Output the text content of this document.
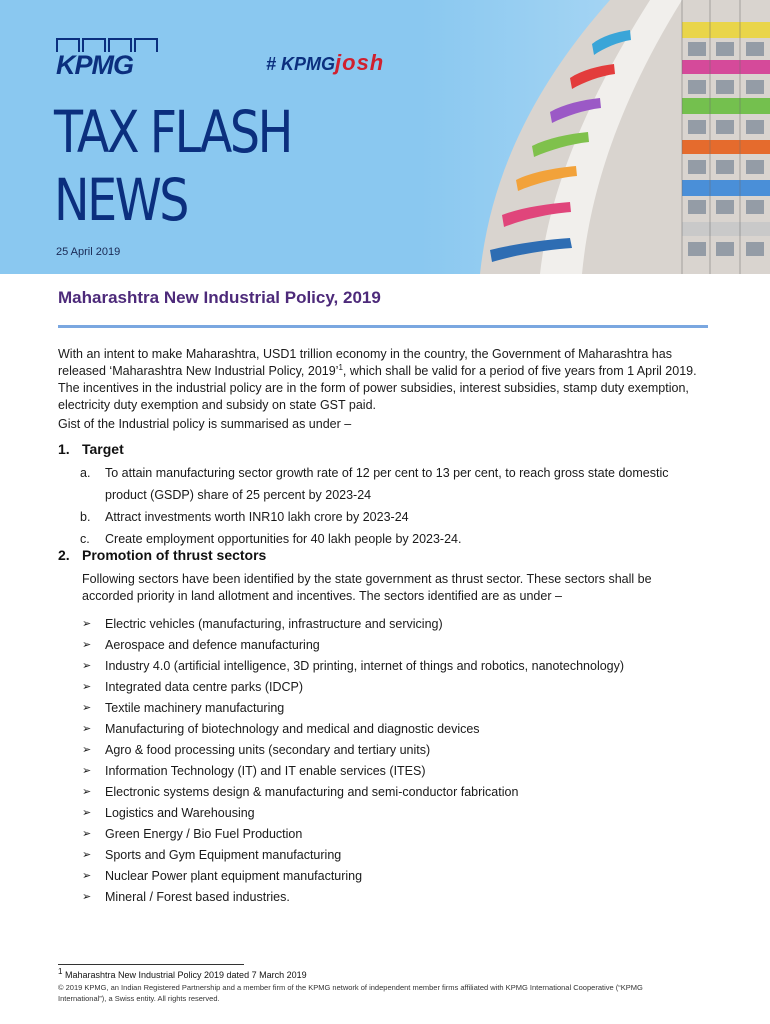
KPMG	# KPMGjosh
TAX FLASH
NEWS
25 April 2019
Maharashtra New Industrial Policy, 2019

With an intent to make Maharashtra, USD1 trillion economy in the country, the Government of Maharashtra has released ‘Maharashtra New Industrial Policy, 2019’$^1$, which shall be valid for a period of five years from 1 April 2019. The incentives in the industrial policy are in the form of power subsidies, interest subsidies, stamp duty exemption, electricity duty exemption and subsidy on state GST paid.

Gist of the Industrial policy is summarised as under –

1. Target
a.	To attain manufacturing sector growth rate of 12 per cent to 13 per cent, to reach gross state domestic
product (GSDP) share of 25 percent by 2023-24
b.	Attract investments worth INR10 lakh crore by 2023-24
c.	Create employment opportunities for 40 lakh people by 2023-24.
2. Promotion of thrust sectors

Following sectors have been identified by the state government as thrust sector. These sectors shall be accorded priority in land allotment and incentives. The sectors identified are as under –

➢	Electric vehicles (manufacturing, infrastructure and servicing)
➢	Aerospace and defence manufacturing
➢	Industry 4.0 (artificial intelligence, 3D printing, internet of things and robotics, nanotechnology)
➢	Integrated data centre parks (IDCP)
➢	Textile machinery manufacturing
➢	Manufacturing of biotechnology and medical and diagnostic devices
➢	Agro & food processing units (secondary and tertiary units)
➢	Information Technology (IT) and IT enable services (ITES)
➢	Electronic systems design & manufacturing and semi-conductor fabrication
➢	Logistics and Warehousing
➢	Green Energy / Bio Fuel Production
➢	Sports and Gym Equipment manufacturing
➢	Nuclear Power plant equipment manufacturing
➢	Mineral / Forest based industries.
$^1$ Maharashtra New Industrial Policy 2019 dated 7 March 2019
© 2019 KPMG, an Indian Registered Partnership and a member firm of the KPMG network of independent member firms affiliated with KPMG International Cooperative (“KPMG International”), a Swiss entity. All rights reserved.
